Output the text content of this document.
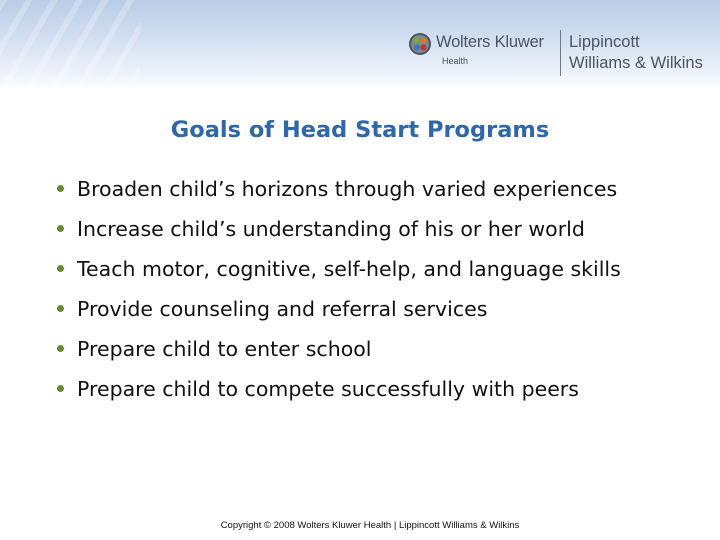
Wolters Kluwer
Health
Lippincott
Williams & Wilkins
Goals of Head Start Programs
Broaden child’s horizons through varied experiences
Increase child’s understanding of his or her world
Teach motor, cognitive, self-help, and language skills
Provide counseling and referral services
Prepare child to enter school
Prepare child to compete successfully with peers
Copyright © 2008 Wolters Kluwer Health | Lippincott Williams & Wilkins
